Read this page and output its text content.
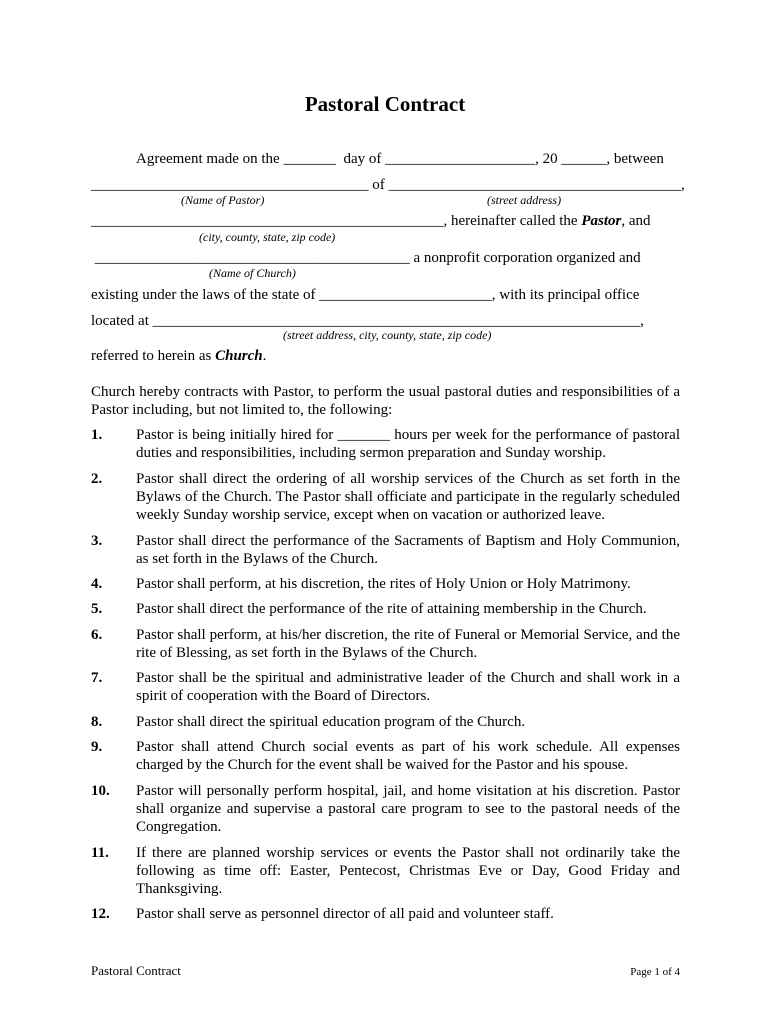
Pastoral Contract
Agreement made on the _______  day of ____________________, 20 ______, between
_____________________________________ of _______________________________________,
(Name of Pastor)	(street address)
_______________________________________________, hereinafter called the Pastor, and
(city, county, state, zip code)
__________________________________________ a nonprofit corporation organized and
(Name of Church)
existing under the laws of the state of _______________________, with its principal office
located at _________________________________________________________________,
(street address, city, county, state, zip code)
referred to herein as Church.
Church hereby contracts with Pastor, to perform the usual pastoral duties and responsibilities of a Pastor including, but not limited to, the following:
1. Pastor is being initially hired for _______ hours per week for the performance of pastoral duties and responsibilities, including sermon preparation and Sunday worship.
2. Pastor shall direct the ordering of all worship services of the Church as set forth in the Bylaws of the Church. The Pastor shall officiate and participate in the regularly scheduled weekly Sunday worship service, except when on vacation or authorized leave.
3. Pastor shall direct the performance of the Sacraments of Baptism and Holy Communion, as set forth in the Bylaws of the Church.
4. Pastor shall perform, at his discretion, the rites of Holy Union or Holy Matrimony.
5. Pastor shall direct the performance of the rite of attaining membership in the Church.
6. Pastor shall perform, at his/her discretion, the rite of Funeral or Memorial Service, and the rite of Blessing, as set forth in the Bylaws of the Church.
7. Pastor shall be the spiritual and administrative leader of the Church and shall work in a spirit of cooperation with the Board of Directors.
8. Pastor shall direct the spiritual education program of the Church.
9. Pastor shall attend Church social events as part of his work schedule. All expenses charged by the Church for the event shall be waived for the Pastor and his spouse.
10. Pastor will personally perform hospital, jail, and home visitation at his discretion. Pastor shall organize and supervise a pastoral care program to see to the pastoral needs of the Congregation.
11. If there are planned worship services or events the Pastor shall not ordinarily take the following as time off: Easter, Pentecost, Christmas Eve or Day, Good Friday and Thanksgiving.
12. Pastor shall serve as personnel director of all paid and volunteer staff.
Pastoral Contract	Page 1 of 4
